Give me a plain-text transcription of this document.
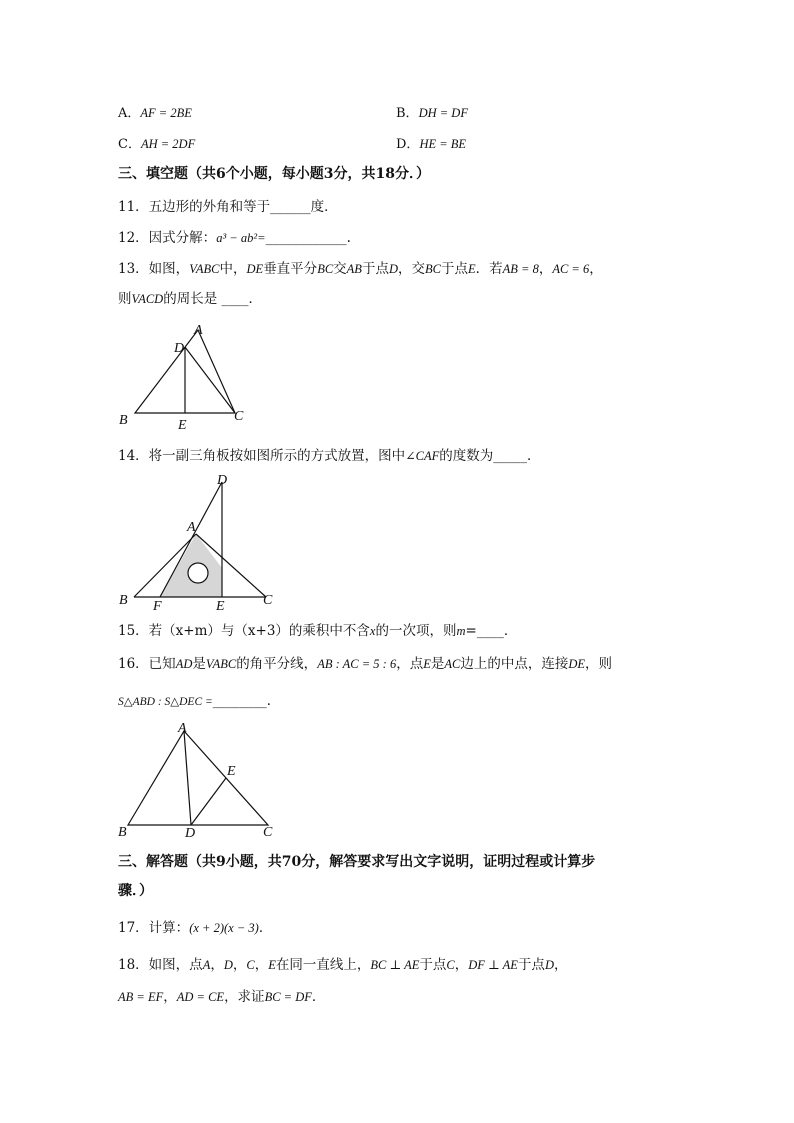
A．AF = 2BE	B．DH = DF
C．AH = 2DF	D．HE = BE
三、填空题（共6个小题，每小题3分，共18分．）
11．五边形的外角和等于______度．
12．因式分解：a³ − ab²=____________.
13．如图，VABC中，DE垂直平分BC交AB于点D，交BC于点E．若AB = 8，AC = 6，
则VACD的周长是 ____．
A
D
B	E
C
14．将一副三角板按如图所示的方式放置，图中∠CAF的度数为_____．
D
A
B F	E	C
15．若（x+m）与（x+3）的乘积中不含x的一次项，则m=____．
16．已知AD是VABC的角平分线，AB : AC = 5 : 6，点E是AC边上的中点，连接DE，则
S△ABD : S△DEC =________．
A
E
B	D	C
三、解答题（共9小题，共70分，解答要求写出文字说明，证明过程或计算步
骤．）
17．计算：(x + 2)(x − 3)．
18．如图，点A，D，C，E在同一直线上，BC ⊥ AE于点C，DF ⊥ AE于点D，
AB = EF，AD = CE，求证BC = DF．
